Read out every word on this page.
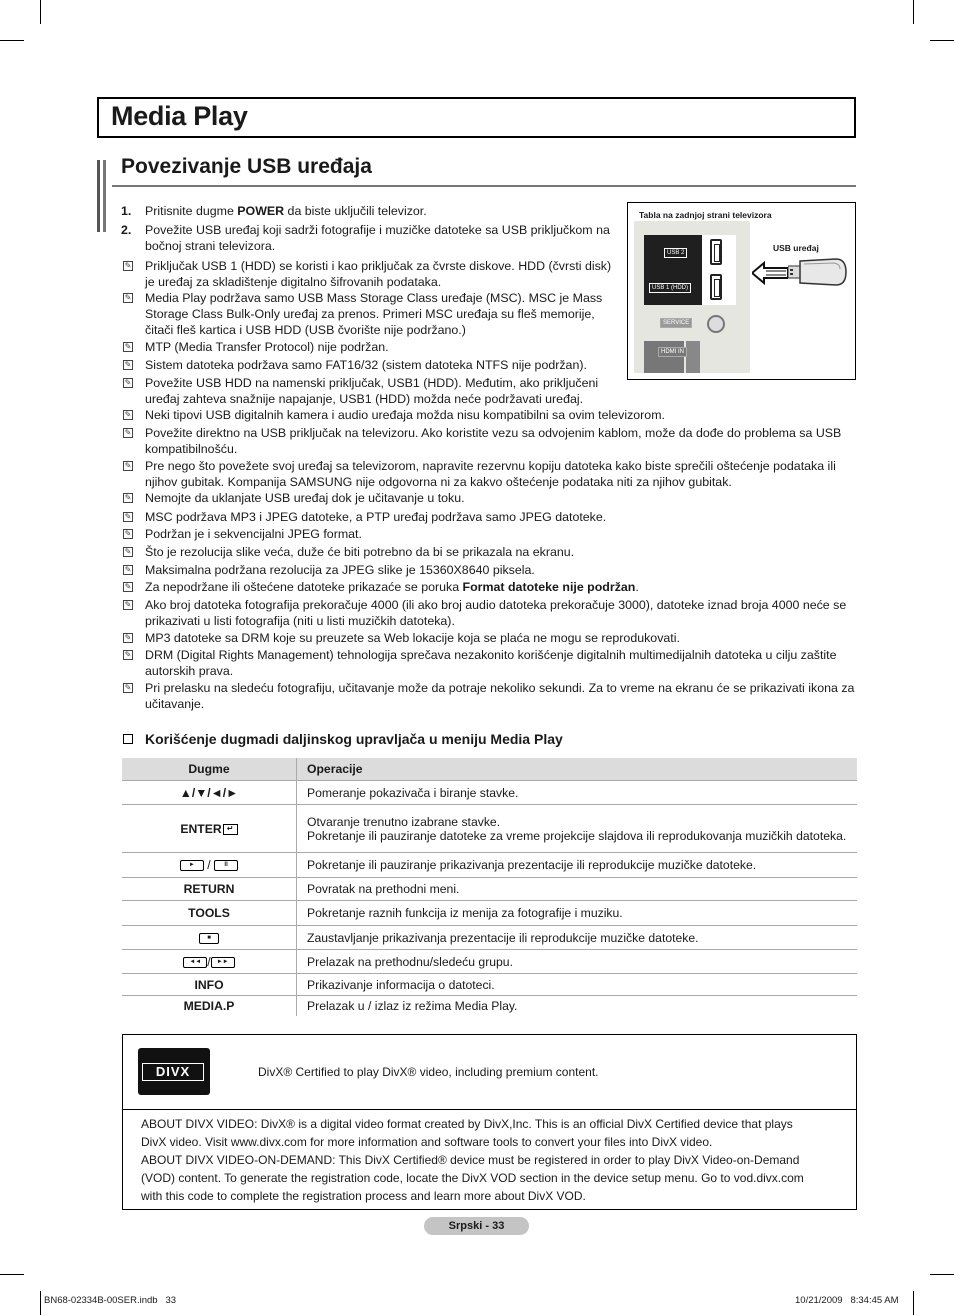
Media Play
Povezivanje USB uređaja
1. Pritisnite dugme POWER da biste uključili televizor.
2. Povežite USB uređaj koji sadrži fotografije i muzičke datoteke sa USB priključkom na
bočnoj strani televizora.
✎ Priključak USB 1 (HDD) se koristi i kao priključak za čvrste diskove. HDD (čvrsti disk)
je uređaj za skladištenje digitalno šifrovanih podataka.
✎ Media Play podržava samo USB Mass Storage Class uređaje (MSC). MSC je Mass
Storage Class Bulk-Only uređaj za prenos. Primeri MSC uređaja su fleš memorije,
čitači fleš kartica i USB HDD (USB čvorište nije podržano.)
✎ MTP (Media Transfer Protocol) nije podržan.
✎ Sistem datoteka podržava samo FAT16/32 (sistem datoteka NTFS nije podržan).
✎ Povežite USB HDD na namenski priključak, USB1 (HDD). Međutim, ako priključeni
uređaj zahteva snažnije napajanje, USB1 (HDD) možda neće podržavati uređaj.
✎ Neki tipovi USB digitalnih kamera i audio uređaja možda nisu kompatibilni sa ovim televizorom.
✎ Povežite direktno na USB priključak na televizoru. Ako koristite vezu sa odvojenim kablom, može da dođe do problema sa USB
kompatibilnošću.
✎ Pre nego što povežete svoj uređaj sa televizorom, napravite rezervnu kopiju datoteka kako biste sprečili oštećenje podataka ili
njihov gubitak. Kompanija SAMSUNG nije odgovorna ni za kakvo oštećenje podataka niti za njihov gubitak.
✎ Nemojte da uklanjate USB uređaj dok je učitavanje u toku.
✎ MSC podržava MP3 i JPEG datoteke, a PTP uređaj podržava samo JPEG datoteke.
✎ Podržan je i sekvencijalni JPEG format.
✎ Što je rezolucija slike veća, duže će biti potrebno da bi se prikazala na ekranu.
✎ Maksimalna podržana rezolucija za JPEG slike je 15360X8640 piksela.
✎ Ako broj datoteka fotografija prekoračuje 4000 (ili ako broj audio datoteka prekoračuje 3000), datoteke iznad broja 4000 neće se
prikazivati u listi fotografija (niti u listi muzičkih datoteka).
✎ MP3 datoteke sa DRM koje su preuzete sa Web lokacije koja se plaća ne mogu se reprodukovati.
✎ DRM (Digital Rights Management) tehnologija sprečava nezakonito korišćenje digitalnih multimedijalnih datoteka u cilju zaštite
autorskih prava.
✎ Pri prelasku na sledeću fotografiju, učitavanje može da potraje nekoliko sekundi. Za to vreme na ekranu će se prikazivati ikona za
učitavanje.
✎ Za nepodržane ili oštećene datoteke prikazaće se poruka Format datoteke nije podržan.
Tabla na zadnjoj strani televizora
USB 2
USB 1 (HDD)
SERVICE
HDMI IN
USB uređaj
Korišćenje dugmadi daljinskog upravljača u meniju Media Play
Dugme	Operacije
▲/▼/◄/►	Pomeranje pokazivača i biranje stavke.
ENTER ↵	Otvaranje trenutno izabrane stavke.
Pokretanje ili pauziranje datoteke za vreme projekcije slajdova ili reprodukovanja muzičkih datoteka.
► / II	Pokretanje ili pauziranje prikazivanja prezentacije ili reprodukcije muzičke datoteke.
RETURN	Povratak na prethodni meni.
TOOLS	Pokretanje raznih funkcija iz menija za fotografije i muziku.
■	Zaustavljanje prikazivanja prezentacije ili reprodukcije muzičke datoteke.
◄◄ / ►►	Prelazak na prethodnu/sledeću grupu.
INFO	Prikazivanje informacija o datoteci.
MEDIA.P	Prelazak u / izlaz iz režima Media Play.
DIVX	DivX® Certified to play DivX® video, including premium content.
ABOUT DIVX VIDEO: DivX® is a digital video format created by DivX,Inc. This is an official DivX Certified device that plays
DivX video. Visit www.divx.com for more information and software tools to convert your files into DivX video.
ABOUT DIVX VIDEO-ON-DEMAND: This DivX Certified® device must be registered in order to play DivX Video-on-Demand
(VOD) content. To generate the registration code, locate the DivX VOD section in the device setup menu. Go to vod.divx.com
with this code to complete the registration process and learn more about DivX VOD.
Srpski - 33
BN68-02334B-00SER.indb   33	10/21/2009   8:34:45 AM
